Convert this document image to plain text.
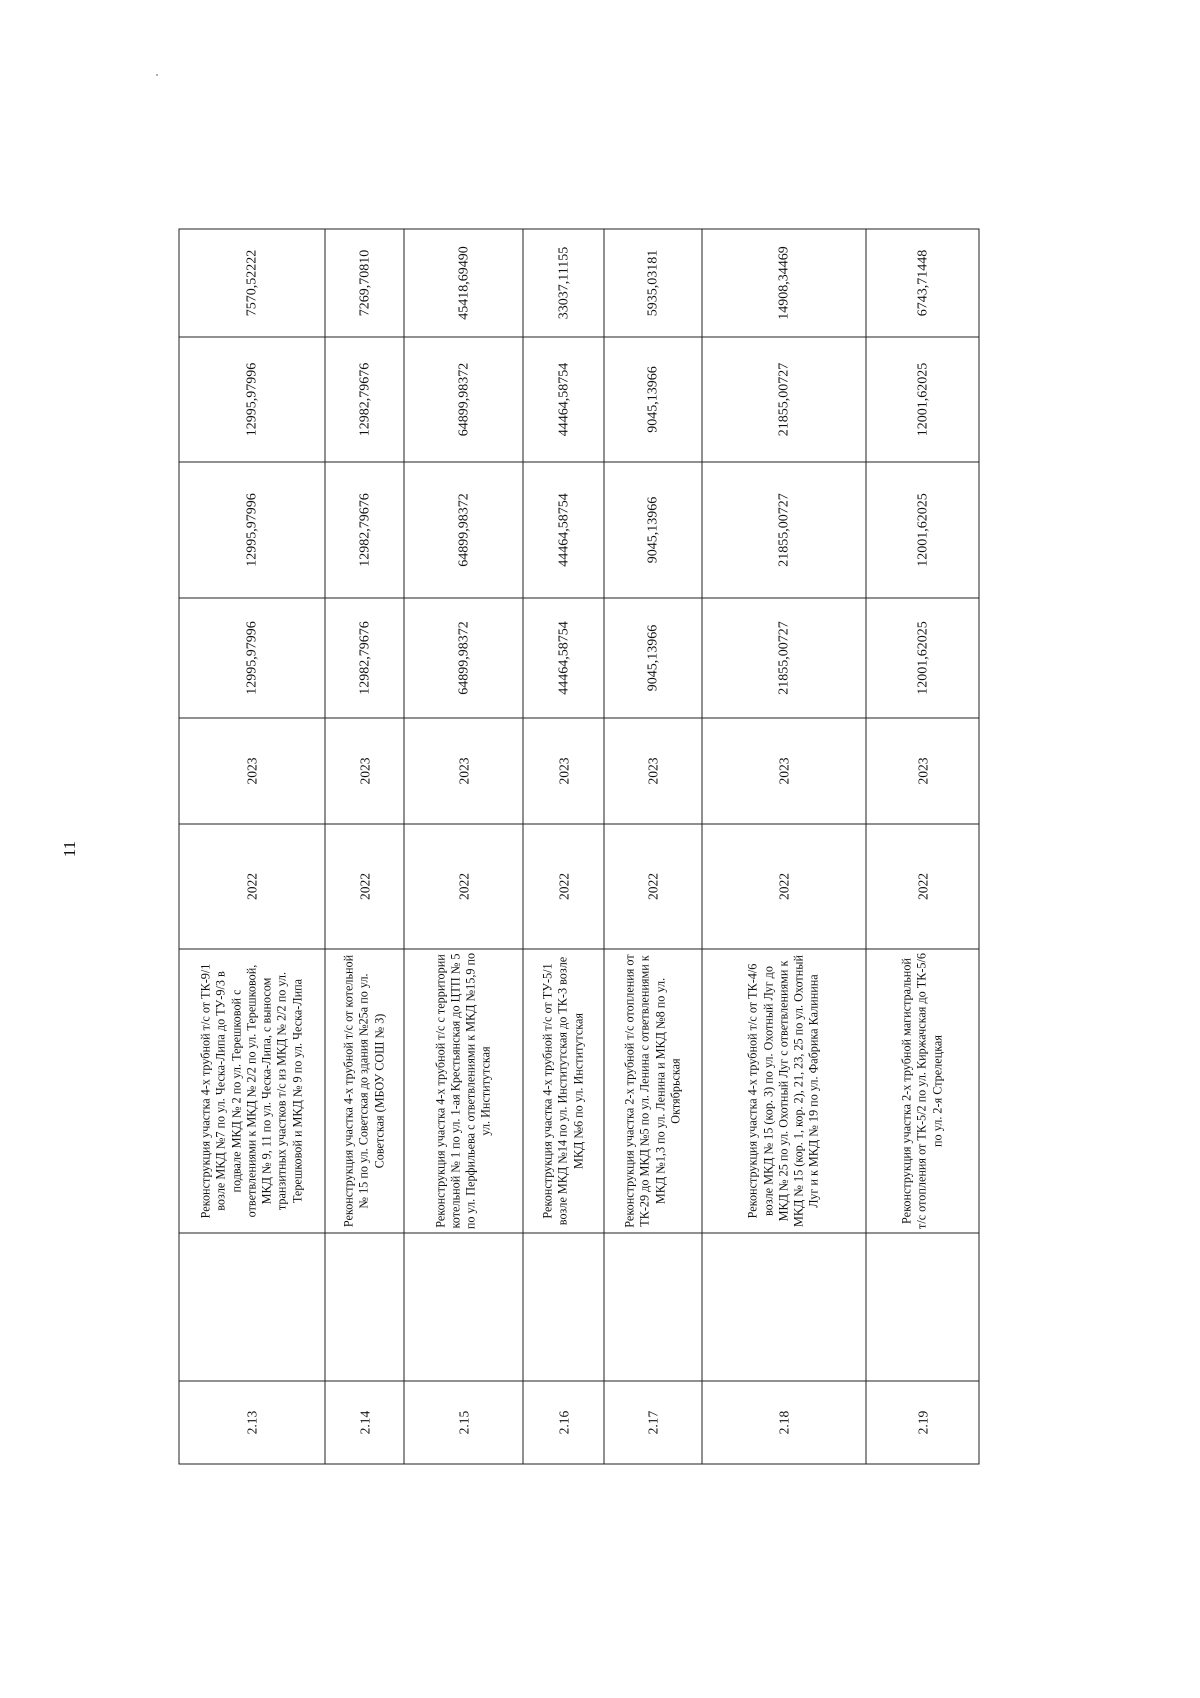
11
2.13		Реконструкция участка 4-х трубной т/с от ТК-9/1 возле МКД №7 по ул. Ческа-Липа до ТУ-9/3 в подвале МКД № 2 по ул. Терешковой с ответвлениями к МКД № 2/2 по ул. Терешковой, МКД № 9, 11 по ул. Ческа-Липа, с выносом транзитных участков т/с из МКД № 2/2 по ул. Терешковой и МКД № 9 по ул. Ческа-Липа	2022	2023	12995,97996	12995,97996	12995,97996	7570,52222
2.14		Реконструкция участка 4-х трубной т/с от котельной № 15 по ул. Советская до здания №25а по ул. Советская (МБОУ СОШ № 3)	2022	2023	12982,79676	12982,79676	12982,79676	7269,70810
2.15		Реконструкция участка 4-х трубной т/с с территории котельной № 1 по ул. 1-ая Крестьянская до ЦТП № 5 по ул. Перфильева с ответвлениями к МКД №15,9 по ул. Институтская	2022	2023	64899,98372	64899,98372	64899,98372	45418,69490
2.16		Реконструкция участка 4-х трубной т/с от ТУ-5/1 возле МКД №14 по ул. Институтская до ТК-3 возле МКД №6 по ул. Институтская	2022	2023	44464,58754	44464,58754	44464,58754	33037,11155
2.17		Реконструкция участка 2-х трубной т/с отопления от ТК-29 до МКД №5 по ул. Ленина с ответвлениями к МКД №1,3 по ул. Ленина и МКД №8 по ул. Октябрьская	2022	2023	9045,13966	9045,13966	9045,13966	5935,03181
2.18		Реконструкция участка 4-х трубной т/с от ТК-4/6 возле МКД № 15 (кор. 3) по ул. Охотный Луг до МКД № 25 по ул. Охотный Луг с ответвлениями к МКД № 15 (кор. 1, кор. 2), 21, 23, 25 по ул. Охотный Луг и к МКД № 19 по ул. Фабрика Калинина	2022	2023	21855,00727	21855,00727	21855,00727	14908,34469
2.19		Реконструкция участка 2-х трубной магистральной т/с отопления от ТК-5/2 по ул. Киржачская до ТК-5/6 по ул. 2-я Стрелецкая	2022	2023	12001,62025	12001,62025	12001,62025	6743,71448
